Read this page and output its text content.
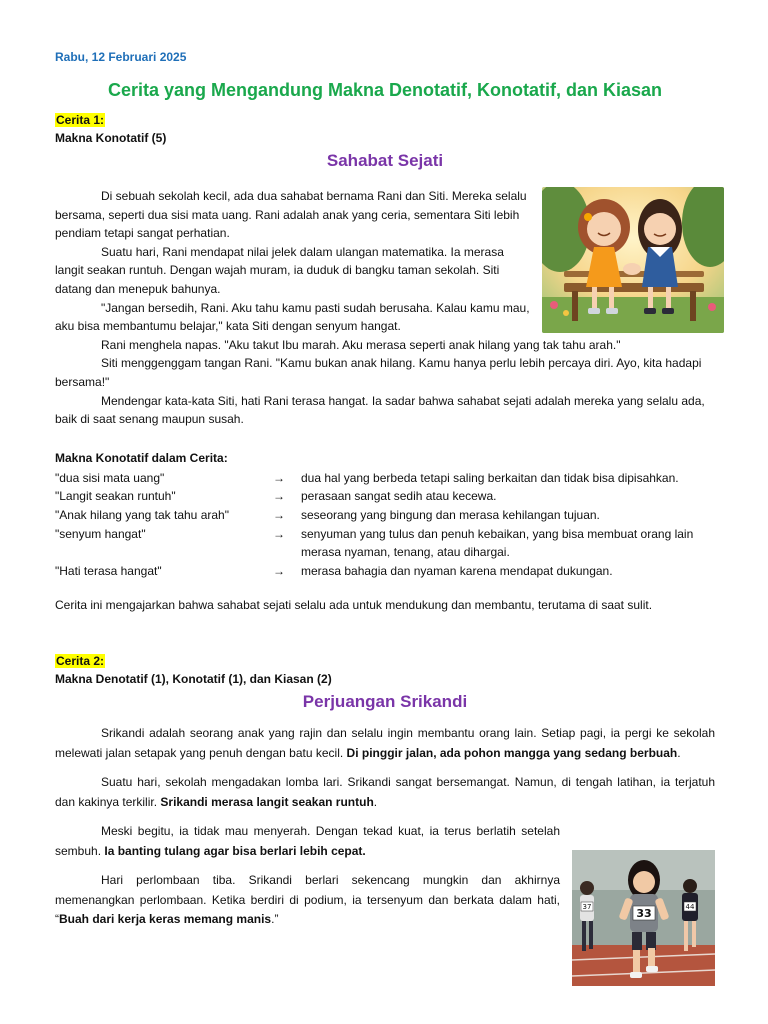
Rabu, 12 Februari 2025

Cerita yang Mengandung Makna Denotatif, Konotatif, dan Kiasan
Cerita 1:

Makna Konotatif (5)

Sahabat Sejati

Di sebuah sekolah kecil, ada dua sahabat bernama Rani dan Siti. Mereka selalu bersama, seperti dua sisi mata uang. Rani adalah anak yang ceria, sementara Siti lebih pendiam tetapi sangat perhatian.

Suatu hari, Rani mendapat nilai jelek dalam ulangan matematika. Ia merasa langit seakan runtuh. Dengan wajah muram, ia duduk di bangku taman sekolah. Siti datang dan menepuk bahunya.

"Jangan bersedih, Rani. Aku tahu kamu pasti sudah berusaha. Kalau kamu mau, aku bisa membantumu belajar," kata Siti dengan senyum hangat.

Rani menghela napas. "Aku takut Ibu marah. Aku merasa seperti anak hilang yang tak tahu arah."

Siti menggenggam tangan Rani. "Kamu bukan anak hilang. Kamu hanya perlu lebih percaya diri. Ayo, kita hadapi bersama!"

Mendengar kata-kata Siti, hati Rani terasa hangat. Ia sadar bahwa sahabat sejati adalah mereka yang selalu ada, baik di saat senang maupun susah.

Makna Konotatif dalam Cerita:
"dua sisi mata uang"	→	dua hal yang berbeda tetapi saling berkaitan dan tidak bisa dipisahkan.
"Langit seakan runtuh"	→	perasaan sangat sedih atau kecewa.
"Anak hilang yang tak tahu arah"	→	seseorang yang bingung dan merasa kehilangan tujuan.
"senyum hangat"	→	senyuman yang tulus dan penuh kebaikan, yang bisa membuat orang lain merasa nyaman, tenang, atau dihargai.
"Hati terasa hangat"	→	merasa bahagia dan nyaman karena mendapat dukungan.

Cerita ini mengajarkan bahwa sahabat sejati selalu ada untuk mendukung dan membantu, terutama di saat sulit.

Cerita 2:

Makna Denotatif (1), Konotatif (1), dan Kiasan (2)

Perjuangan Srikandi

Srikandi adalah seorang anak yang rajin dan selalu ingin membantu orang lain. Setiap pagi, ia pergi ke sekolah melewati jalan setapak yang penuh dengan batu kecil. Di pinggir jalan, ada pohon mangga yang sedang berbuah.

Suatu hari, sekolah mengadakan lomba lari. Srikandi sangat bersemangat. Namun, di tengah latihan, ia terjatuh dan kakinya terkilir. Srikandi merasa langit seakan runtuh.

Meski begitu, ia tidak mau menyerah. Dengan tekad kuat, ia terus berlatih setelah sembuh. Ia banting tulang agar bisa berlari lebih cepat.

Hari perlombaan tiba. Srikandi berlari sekencang mungkin dan akhirnya memenangkan perlombaan. Ketika berdiri di podium, ia tersenyum dan berkata dalam hati, “Buah dari kerja keras memang manis.”

37	44
33
